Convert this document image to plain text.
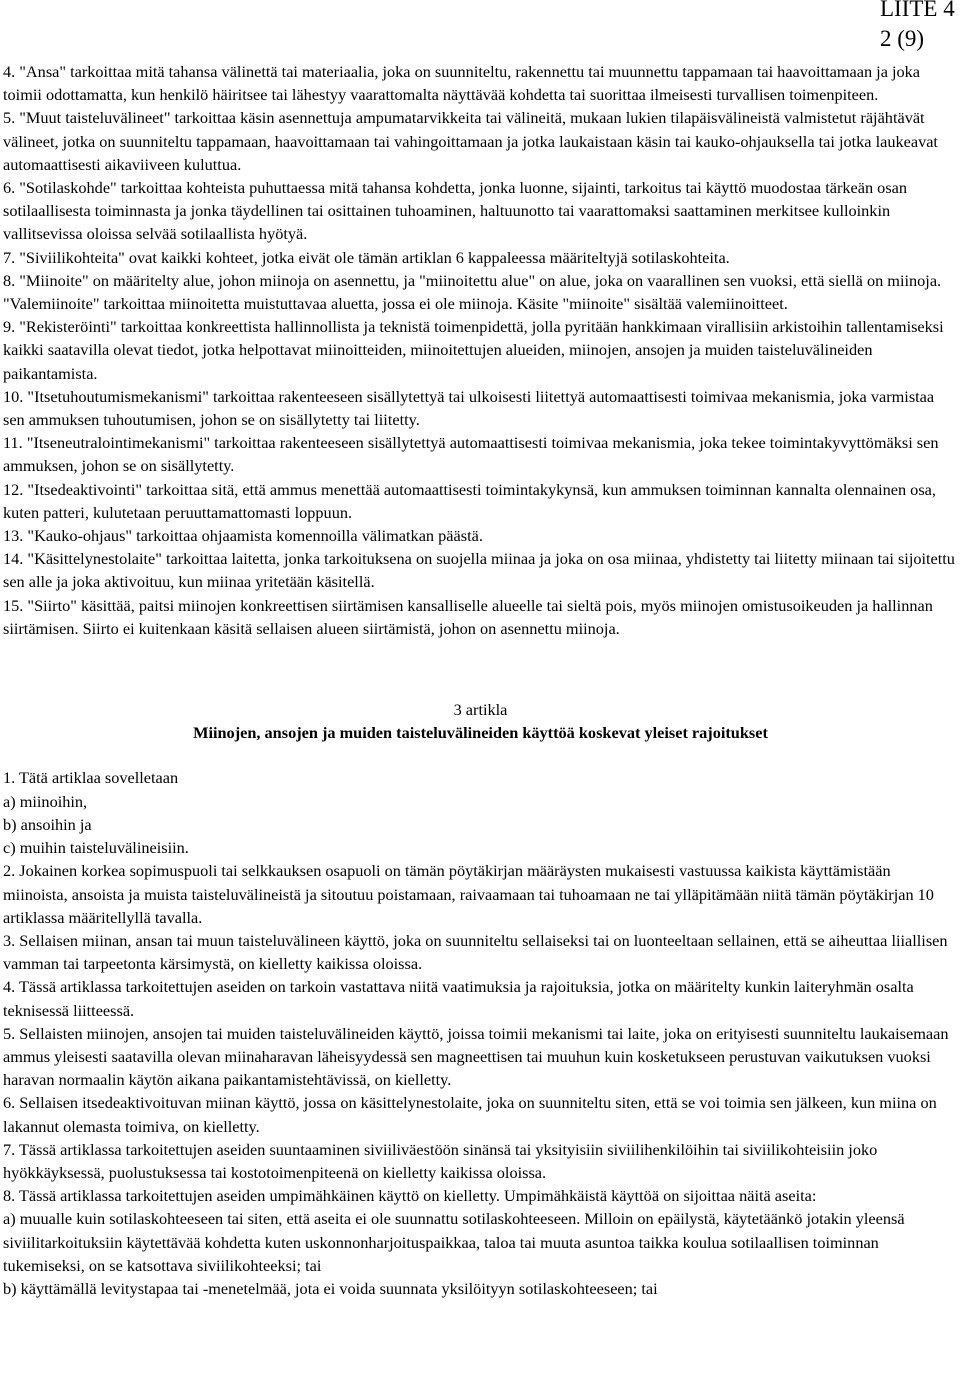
LIITE 4
2 (9)

4. "Ansa" tarkoittaa mitä tahansa välinettä tai materiaalia, joka on suunniteltu, rakennettu tai muunnettu tappamaan tai haavoittamaan ja joka toimii odottamatta, kun henkilö häiritsee tai lähestyy vaarattomalta näyttävää kohdetta tai suorittaa ilmeisesti turvallisen toimenpiteen.

5. "Muut taisteluvälineet" tarkoittaa käsin asennettuja ampumatarvikkeita tai välineitä, mukaan lukien tilapäisvälineistä valmistetut räjähtävät välineet, jotka on suunniteltu tappamaan, haavoittamaan tai vahingoittamaan ja jotka laukaistaan käsin tai kauko-ohjauksella tai jotka laukeavat automaattisesti aikaviiveen kuluttua.

6. "Sotilaskohde" tarkoittaa kohteista puhuttaessa mitä tahansa kohdetta, jonka luonne, sijainti, tarkoitus tai käyttö muodostaa tärkeän osan sotilaallisesta toiminnasta ja jonka täydellinen tai osittainen tuhoaminen, haltuunotto tai vaarattomaksi saattaminen merkitsee kulloinkin vallitsevissa oloissa selvää sotilaallista hyötyä.

7. "Siviilikohteita" ovat kaikki kohteet, jotka eivät ole tämän artiklan 6 kappaleessa määriteltyjä sotilaskohteita.

8. "Miinoite" on määritelty alue, johon miinoja on asennettu, ja "miinoitettu alue" on alue, joka on vaarallinen sen vuoksi, että siellä on miinoja. "Valemiinoite" tarkoittaa miinoitetta muistuttavaa aluetta, jossa ei ole miinoja. Käsite "miinoite" sisältää valemiinoitteet.

9. "Rekisteröinti" tarkoittaa konkreettista hallinnollista ja teknistä toimenpidettä, jolla pyritään hankkimaan virallisiin arkistoihin tallentamiseksi kaikki saatavilla olevat tiedot, jotka helpottavat miinoitteiden, miinoitettujen alueiden, miinojen, ansojen ja muiden taisteluvälineiden paikantamista.

10. "Itsetuhoutumismekanismi" tarkoittaa rakenteeseen sisällytettyä tai ulkoisesti liitettyä automaattisesti toimivaa mekanismia, joka varmistaa sen ammuksen tuhoutumisen, johon se on sisällytetty tai liitetty.

11. "Itseneutralointimekanismi" tarkoittaa rakenteeseen sisällytettyä automaattisesti toimivaa mekanismia, joka tekee toimintakyvyttömäksi sen ammuksen, johon se on sisällytetty.

12. "Itsedeaktivointi" tarkoittaa sitä, että ammus menettää automaattisesti toimintakykynsä, kun ammuksen toiminnan kannalta olennainen osa, kuten patteri, kulutetaan peruuttamattomasti loppuun.

13. "Kauko-ohjaus" tarkoittaa ohjaamista komennoilla välimatkan päästä.

14. "Käsittelynestolaite" tarkoittaa laitetta, jonka tarkoituksena on suojella miinaa ja joka on osa miinaa, yhdistetty tai liitetty miinaan tai sijoitettu sen alle ja joka aktivoituu, kun miinaa yritetään käsitellä.

15. "Siirto" käsittää, paitsi miinojen konkreettisen siirtämisen kansalliselle alueelle tai sieltä pois, myös miinojen omistusoikeuden ja hallinnan siirtämisen. Siirto ei kuitenkaan käsitä sellaisen alueen siirtämistä, johon on asennettu miinoja.

3 artikla

Miinojen, ansojen ja muiden taisteluvälineiden käyttöä koskevat yleiset rajoitukset

1. Tätä artiklaa sovelletaan

a) miinoihin,

b) ansoihin ja

c) muihin taisteluvälineisiin.

2. Jokainen korkea sopimuspuoli tai selkkauksen osapuoli on tämän pöytäkirjan määräysten mukaisesti vastuussa kaikista käyttämistään miinoista, ansoista ja muista taisteluvälineistä ja sitoutuu poistamaan, raivaamaan tai tuhoamaan ne tai ylläpitämään niitä tämän pöytäkirjan 10 artiklassa määritellyllä tavalla.

3. Sellaisen miinan, ansan tai muun taisteluvälineen käyttö, joka on suunniteltu sellaiseksi tai on luonteeltaan sellainen, että se aiheuttaa liiallisen vamman tai tarpeetonta kärsimystä, on kielletty kaikissa oloissa.

4. Tässä artiklassa tarkoitettujen aseiden on tarkoin vastattava niitä vaatimuksia ja rajoituksia, jotka on määritelty kunkin laiteryhmän osalta teknisessä liitteessä.

5. Sellaisten miinojen, ansojen tai muiden taisteluvälineiden käyttö, joissa toimii mekanismi tai laite, joka on erityisesti suunniteltu laukaisemaan ammus yleisesti saatavilla olevan miinaharavan läheisyydessä sen magneettisen tai muuhun kuin kosketukseen perustuvan vaikutuksen vuoksi haravan normaalin käytön aikana paikantamistehtävissä, on kielletty.

6. Sellaisen itsedeaktivoituvan miinan käyttö, jossa on käsittelynestolaite, joka on suunniteltu siten, että se voi toimia sen jälkeen, kun miina on lakannut olemasta toimiva, on kielletty.

7. Tässä artiklassa tarkoitettujen aseiden suuntaaminen siviiliväestöön sinänsä tai yksityisiin siviilihenkilöihin tai siviilikohteisiin joko hyökkäyksessä, puolustuksessa tai kostotoimenpiteenä on kielletty kaikissa oloissa.

8. Tässä artiklassa tarkoitettujen aseiden umpimähkäinen käyttö on kielletty. Umpimähkäistä käyttöä on sijoittaa näitä aseita:

a) muualle kuin sotilaskohteeseen tai siten, että aseita ei ole suunnattu sotilaskohteeseen. Milloin on epäilystä, käytetäänkö jotakin yleensä siviilitarkoituksiin käytettävää kohdetta kuten uskonnonharjoituspaikkaa, taloa tai muuta asuntoa taikka koulua sotilaallisen toiminnan tukemiseksi, on se katsottava siviilikohteeksi; tai

b) käyttämällä levitystapaa tai -menetelmää, jota ei voida suunnata yksilöityyn sotilaskohteeseen; tai
